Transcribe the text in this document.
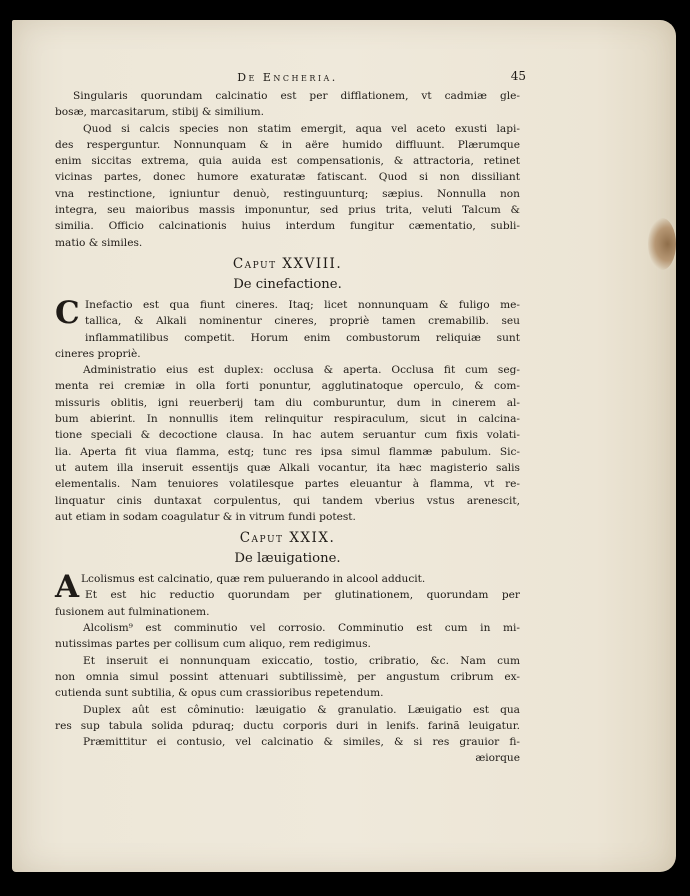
De Encheria.	45
Singularis quorundam calcinatio est per difflationem, vt cadmiæ gle-
bosæ, marcasitarum, stibij & similium.
Quod si calcis species non statim emergit, aqua vel aceto exusti lapi-
des resperguntur. Nonnunquam & in aëre humido diffluunt. Plærumque
enim siccitas extrema, quia auida est compensationis, & attractoria, retinet
vicinas partes, donec humore exaturatæ fatiscant. Quod si non dissiliant
vna restinctione, igniuntur denuò, restinguunturq; sæpius. Nonnulla non
integra, seu maioribus massis imponuntur, sed prius trita, veluti Talcum &
similia. Officio calcinationis huius interdum fungitur cæmentatio, subli-
matio & similes.
Caput XXVIII.
De cinefactione.
C Inefactio est qua fiunt cineres. Itaq; licet nonnunquam & fuligo me-
tallica, & Alkali nominentur cineres, propriè tamen cremabilib. seu
inflammatilibus competit. Horum enim combustorum reliquiæ sunt
cineres propriè.
Administratio eius est duplex: occlusa & aperta. Occlusa fit cum seg-
menta rei cremiæ in olla forti ponuntur, agglutinatoque operculo, & com-
missuris oblitis, igni reuerberij tam diu comburuntur, dum in cinerem al-
bum abierint. In nonnullis item relinquitur respiraculum, sicut in calcina-
tione speciali & decoctione clausa. In hac autem seruantur cum fixis volati-
lia. Aperta fit viua flamma, estq; tunc res ipsa simul flammæ pabulum. Sic-
ut autem illa inseruit essentijs quæ Alkali vocantur, ita hæc magisterio salis
elementalis. Nam tenuiores volatilesque partes eleuantur à flamma, vt re-
linquatur cinis duntaxat corpulentus, qui tandem vberius vstus arenescit,
aut etiam in sodam coagulatur & in vitrum fundi potest.
Caput XXIX.
De læuigatione.
A Lcolismus est calcinatio, quæ rem puluerando in alcool adducit.
Et est hic reductio quorundam per glutinationem, quorundam per
fusionem aut fulminationem.
Alcolism⁹ est comminutio vel corrosio. Comminutio est cum in mi-
nutissimas partes per collisum cum aliquo, rem redigimus.
Et inseruit ei nonnunquam exiccatio, tostio, cribratio, &c. Nam cum
non omnia simul possint attenuari subtilissimè, per angustum cribrum ex-
cutienda sunt subtilia, & opus cum crassioribus repetendum.
Duplex aût est côminutio: læuigatio & granulatio. Læuigatio est qua
res sup tabula solida pduraq; ductu corporis duri in lenifs. farinã leuigatur.
Præmittitur ei contusio, vel calcinatio & similes, & si res grauior fi-
æiorque
